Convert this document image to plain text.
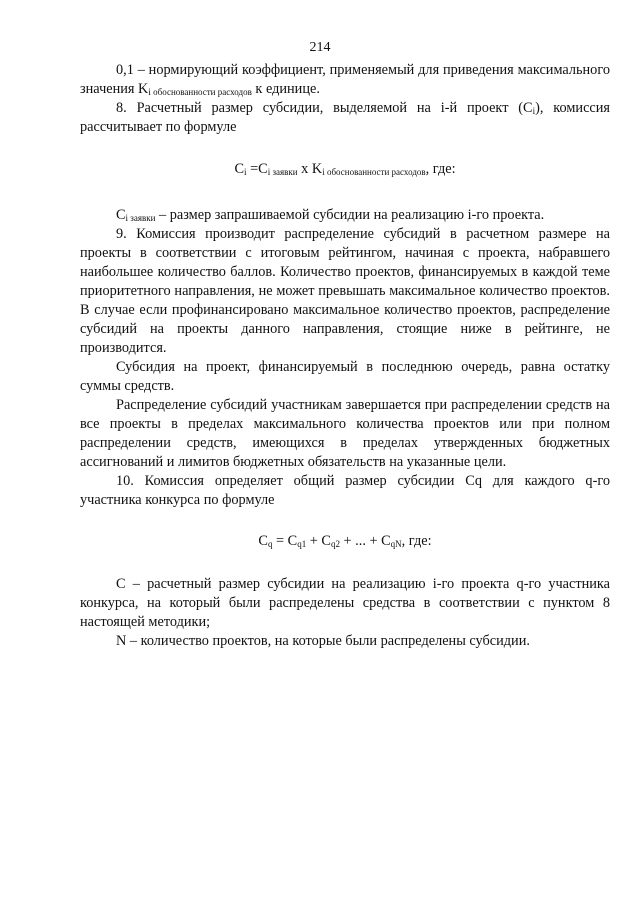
214

0,1 – нормирующий коэффициент, применяемый для приведения максимального значения $K_{i обоснованности расходов}$ к единице.

8. Расчетный размер субсидии, выделяемой на i-й проект $(C_i)$, комиссия рассчитывает по формуле

$C_i =C_{i заявки}$ x $K_{i обоснованности расходов}$, где:

$C_{i заявки}$ – размер запрашиваемой субсидии на реализацию i-го проекта.

9. Комиссия производит распределение субсидий в расчетном размере на проекты в соответствии с итоговым рейтингом, начиная с проекта, набравшего наибольшее количество баллов. Количество проектов, финансируемых в каждой теме приоритетного направления, не может превышать максимальное количество проектов. В случае если профинансировано максимальное количество проектов, распределение субсидий на проекты данного направления, стоящие ниже в рейтинге, не производится.

Субсидия на проект, финансируемый в последнюю очередь, равна остатку суммы средств.

Распределение субсидий участникам завершается при распределении средств на все проекты в пределах максимального количества проектов или при полном распределении средств, имеющихся в пределах утвержденных бюджетных ассигнований и лимитов бюджетных обязательств на указанные цели.

10. Комиссия определяет общий размер субсидии Cq для каждого q-го участника конкурса по формуле

$C_q = C_{q1} + C_{q2}$ + ... + $C_{qN}$, где:

C – расчетный размер субсидии на реализацию i-го проекта q-го участника конкурса, на который были распределены средства в соответствии с пунктом 8 настоящей методики;

N – количество проектов, на которые были распределены субсидии.
